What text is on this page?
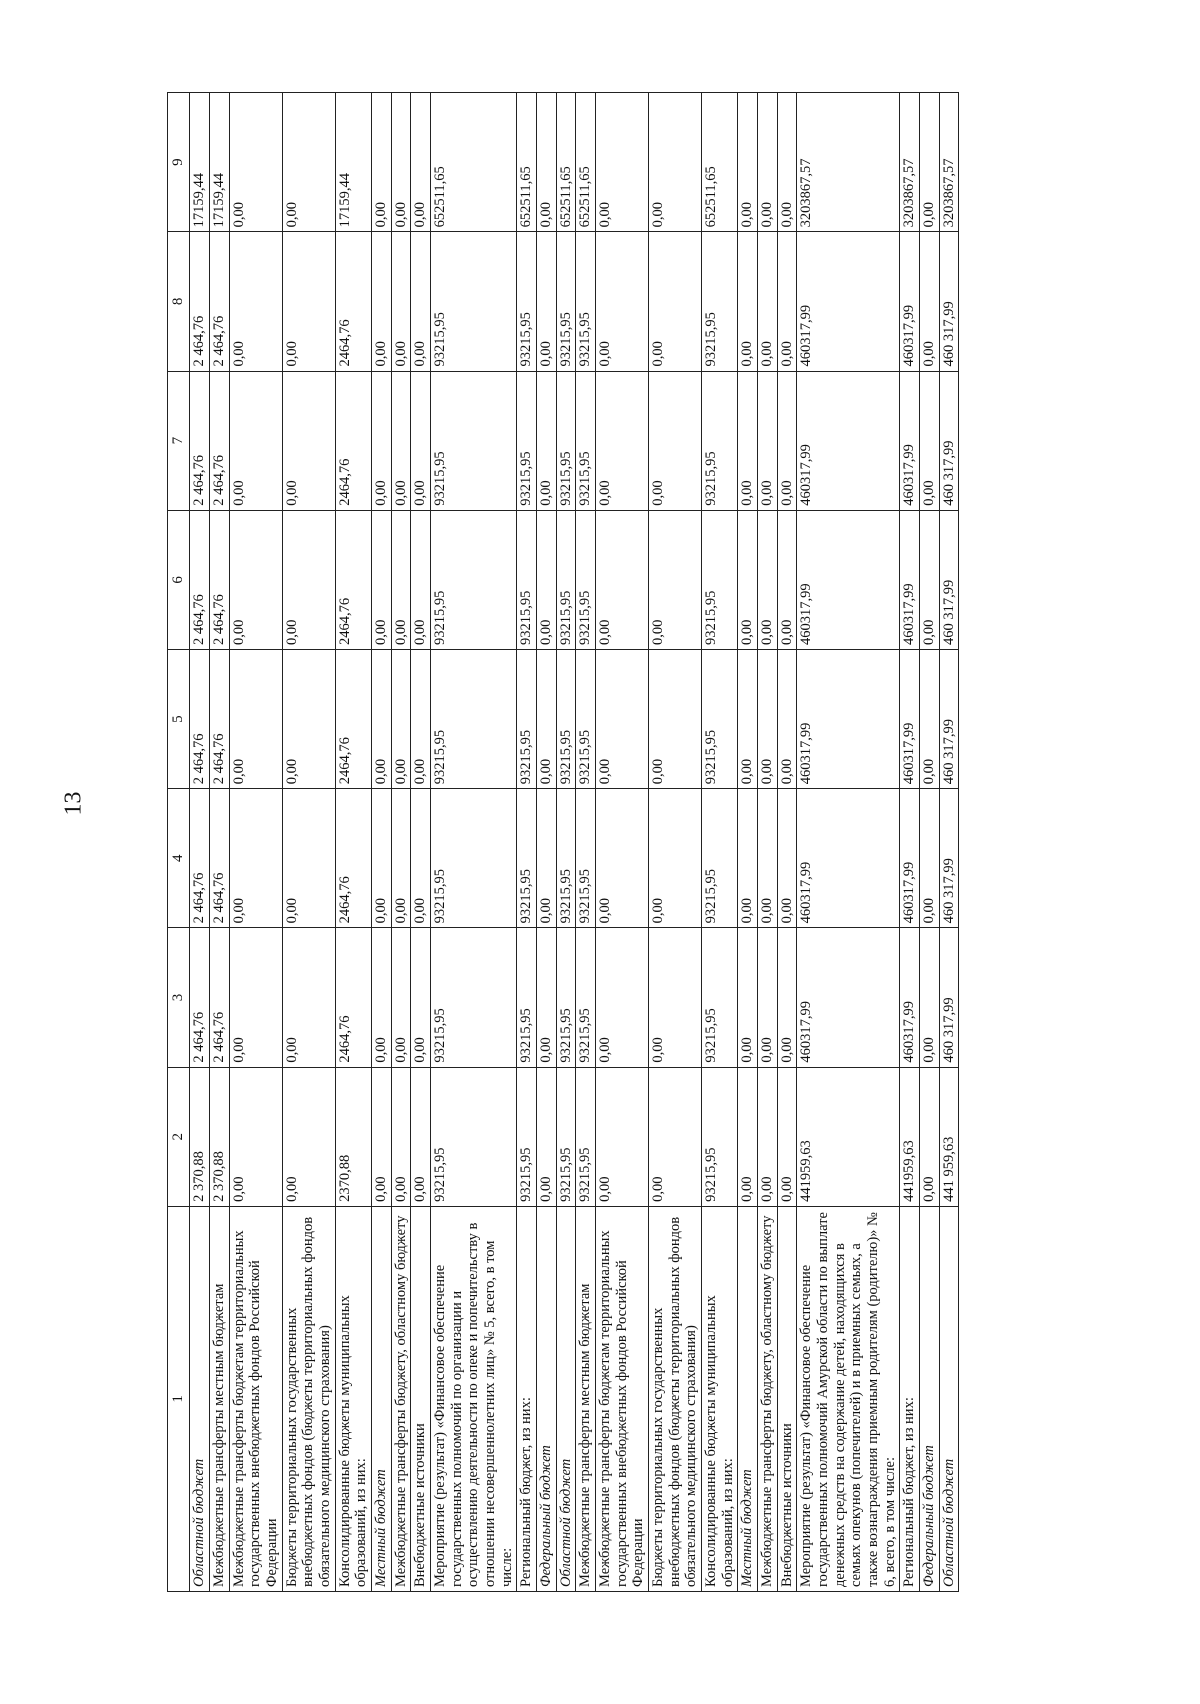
13
1	2	3	4	5	6	7	8	9
Областной бюджет	2 370,88	2 464,76	2 464,76	2 464,76	2 464,76	2 464,76	2 464,76	17159,44
Межбюджетные трансферты местным бюджетам	2 370,88	2 464,76	2 464,76	2 464,76	2 464,76	2 464,76	2 464,76	17159,44
Межбюджетные трансферты бюджетам территориальных государственных внебюджетных фондов Российской Федерации	0,00	0,00	0,00	0,00	0,00	0,00	0,00	0,00
Бюджеты территориальных государственных внебюджетных фондов (бюджеты территориальных фондов обязательного медицинского страхования)	0,00	0,00	0,00	0,00	0,00	0,00	0,00	0,00
Консолидированные бюджеты муниципальных образований, из них:	2370,88	2464,76	2464,76	2464,76	2464,76	2464,76	2464,76	17159,44
Местный бюджет	0,00	0,00	0,00	0,00	0,00	0,00	0,00	0,00
Межбюджетные трансферты бюджету, областному бюджету	0,00	0,00	0,00	0,00	0,00	0,00	0,00	0,00
Внебюджетные источники	0,00	0,00	0,00	0,00	0,00	0,00	0,00	0,00
Мероприятие (результат) «Финансовое обеспечение государственных полномочий по организации и осуществлению деятельности по опеке и попечительству в отношении несовершеннолетних лиц» № 5, всего, в том числе:	93215,95	93215,95	93215,95	93215,95	93215,95	93215,95	93215,95	652511,65
Региональный бюджет, из них:	93215,95	93215,95	93215,95	93215,95	93215,95	93215,95	93215,95	652511,65
Федеральный бюджет	0,00	0,00	0,00	0,00	0,00	0,00	0,00	0,00
Областной бюджет	93215,95	93215,95	93215,95	93215,95	93215,95	93215,95	93215,95	652511,65
Межбюджетные трансферты местным бюджетам	93215,95	93215,95	93215,95	93215,95	93215,95	93215,95	93215,95	652511,65
Межбюджетные трансферты бюджетам территориальных государственных внебюджетных фондов Российской Федерации	0,00	0,00	0,00	0,00	0,00	0,00	0,00	0,00
Бюджеты территориальных государственных внебюджетных фондов (бюджеты территориальных фондов обязательного медицинского страхования)	0,00	0,00	0,00	0,00	0,00	0,00	0,00	0,00
Консолидированные бюджеты муниципальных образований, из них:	93215,95	93215,95	93215,95	93215,95	93215,95	93215,95	93215,95	652511,65
Местный бюджет	0,00	0,00	0,00	0,00	0,00	0,00	0,00	0,00
Межбюджетные трансферты бюджету, областному бюджету	0,00	0,00	0,00	0,00	0,00	0,00	0,00	0,00
Внебюджетные источники	0,00	0,00	0,00	0,00	0,00	0,00	0,00	0,00
Мероприятие (результат) «Финансовое обеспечение государственных полномочий Амурской области по выплате денежных средств на содержание детей, находящихся в семьях опекунов (попечителей) и в приемных семьях, а также вознаграждения приемным родителям (родителю)» № 6, всего, в том числе:	441959,63	460317,99	460317,99	460317,99	460317,99	460317,99	460317,99	3203867,57
Региональный бюджет, из них:	441959,63	460317,99	460317,99	460317,99	460317,99	460317,99	460317,99	3203867,57
Федеральный бюджет	0,00	0,00	0,00	0,00	0,00	0,00	0,00	0,00
Областной бюджет	441 959,63	460 317,99	460 317,99	460 317,99	460 317,99	460 317,99	460 317,99	3203867,57
